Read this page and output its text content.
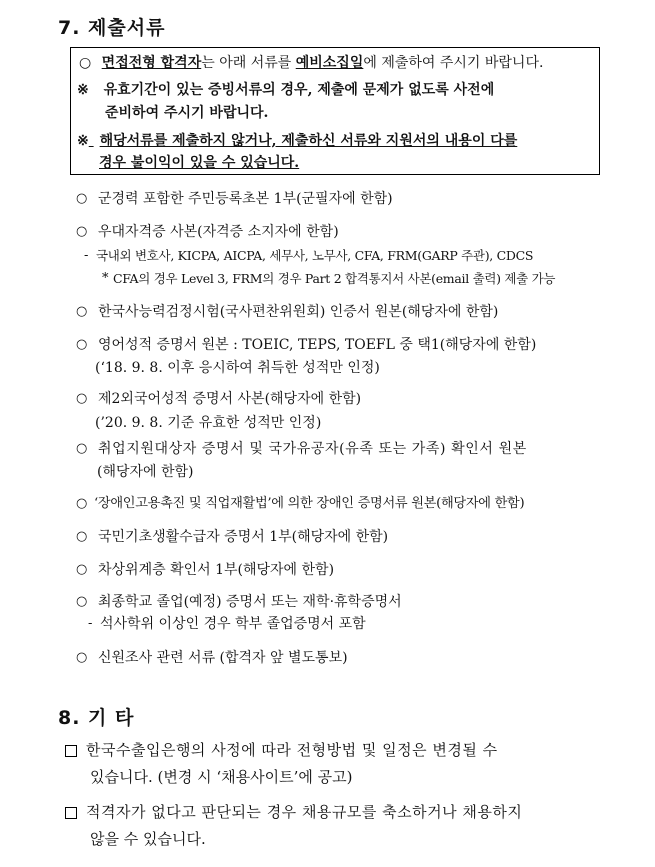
7. 제출서류
○ 면접전형 합격자는 아래 서류를 예비소집일에 제출하여 주시기 바랍니다.
※ 유효기간이 있는 증빙서류의 경우, 제출에 문제가 없도록 사전에
준비하여 주시기 바랍니다.
※ 해당서류를 제출하지 않거나, 제출하신 서류와 지원서의 내용이 다를
경우 불이익이 있을 수 있습니다.
○ 군경력 포함한 주민등록초본 1부(군필자에 한함)
○ 우대자격증 사본(자격증 소지자에 한함)
- 국내외 변호사, KICPA, AICPA, 세무사, 노무사, CFA, FRM(GARP 주관), CDCS
* CFA의 경우 Level 3, FRM의 경우 Part 2 합격통지서 사본(email 출력) 제출 가능
○ 한국사능력검정시험(국사편찬위원회) 인증서 원본(해당자에 한함)
○ 영어성적 증명서 원본 : TOEIC, TEPS, TOEFL 중 택1(해당자에 한함)
(‘18. 9. 8. 이후 응시하여 취득한 성적만 인정)
○ 제2외국어성적 증명서 사본(해당자에 한함)
(’20. 9. 8. 기준 유효한 성적만 인정)
○ 취업지원대상자 증명서 및 국가유공자(유족 또는 가족) 확인서 원본
(해당자에 한함)
○ ‘장애인고용촉진 및 직업재활법’에 의한 장애인 증명서류 원본(해당자에 한함)
○ 국민기초생활수급자 증명서 1부(해당자에 한함)
○ 차상위계층 확인서 1부(해당자에 한함)
○ 최종학교 졸업(예정) 증명서 또는 재학·휴학증명서
- 석사학위 이상인 경우 학부 졸업증명서 포함
○ 신원조사 관련 서류 (합격자 앞 별도통보)
8. 기 타
한국수출입은행의 사정에 따라 전형방법 및 일정은 변경될 수
있습니다. (변경 시 ‘채용사이트’에 공고)
적격자가 없다고 판단되는 경우 채용규모를 축소하거나 채용하지
않을 수 있습니다.
